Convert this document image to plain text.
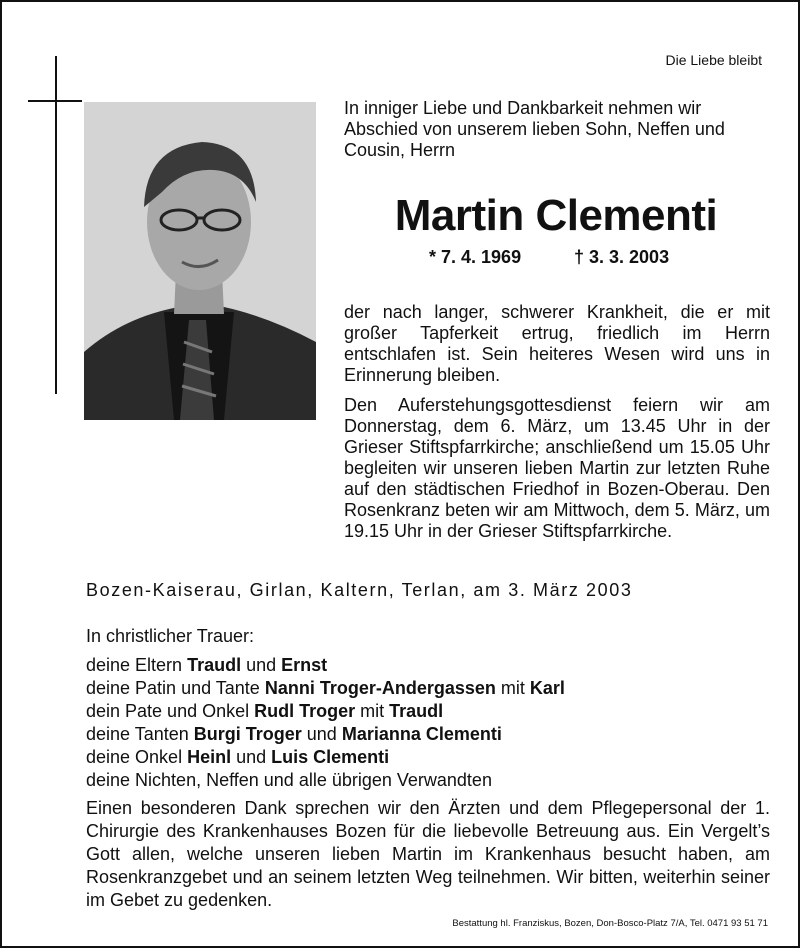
Die Liebe bleibt
In inniger Liebe und Dankbarkeit nehmen wir Abschied von unserem lieben Sohn, Neffen und Cousin, Herrn
Martin Clementi
* 7. 4. 1969	† 3. 3. 2003
der nach langer, schwerer Krankheit, die er mit großer Tapferkeit ertrug, friedlich im Herrn entschlafen ist. Sein heiteres Wesen wird uns in Erinnerung bleiben.
Den Auferstehungsgottesdienst feiern wir am Donnerstag, dem 6. März, um 13.45 Uhr in der Grieser Stiftspfarrkirche; anschließend um 15.05 Uhr begleiten wir unseren lieben Martin zur letzten Ruhe auf den städtischen Friedhof in Bozen-Oberau. Den Rosenkranz beten wir am Mittwoch, dem 5. März, um 19.15 Uhr in der Grieser Stiftspfarrkirche.
Bozen-Kaiserau, Girlan, Kaltern, Terlan, am 3. März 2003
In christlicher Trauer:
deine Eltern Traudl und Ernst
deine Patin und Tante Nanni Troger-Andergassen mit Karl
dein Pate und Onkel Rudl Troger mit Traudl
deine Tanten Burgi Troger und Marianna Clementi
deine Onkel Heinl und Luis Clementi
deine Nichten, Neffen und alle übrigen Verwandten
Einen besonderen Dank sprechen wir den Ärzten und dem Pflegepersonal der 1. Chirurgie des Krankenhauses Bozen für die liebevolle Betreuung aus. Ein Vergelt’s Gott allen, welche unseren lieben Martin im Krankenhaus besucht haben, am Rosenkranzgebet und an seinem letzten Weg teilnehmen. Wir bitten, weiterhin seiner im Gebet zu gedenken.
Bestattung hl. Franziskus, Bozen, Don-Bosco-Platz 7/A, Tel. 0471 93 51 71
